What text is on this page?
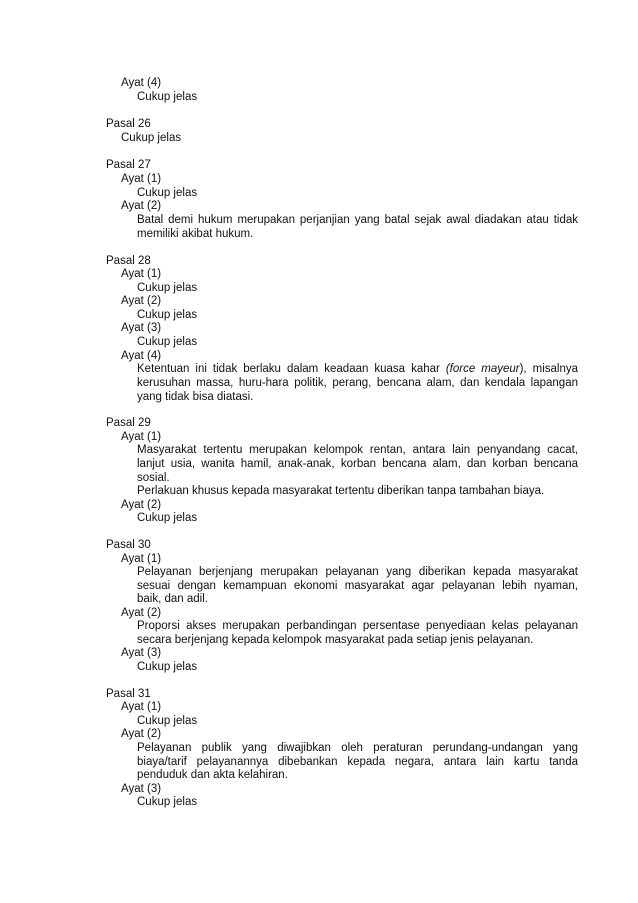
Ayat (4)
Cukup jelas
Pasal 26
Cukup jelas
Pasal 27
Ayat (1)
Cukup jelas
Ayat (2)
Batal demi hukum merupakan perjanjian yang batal sejak awal diadakan atau tidak
memiliki akibat hukum.
Pasal 28
Ayat (1)
Cukup jelas
Ayat (2)
Cukup jelas
Ayat (3)
Cukup jelas
Ayat (4)
Ketentuan ini tidak berlaku dalam keadaan kuasa kahar (force mayeur), misalnya
kerusuhan massa, huru-hara politik, perang, bencana alam, dan kendala lapangan
yang tidak bisa diatasi.
Pasal 29
Ayat (1)
Masyarakat tertentu merupakan kelompok rentan, antara lain penyandang cacat,
lanjut usia, wanita hamil, anak-anak, korban bencana alam, dan korban bencana
sosial.
Perlakuan khusus kepada masyarakat tertentu diberikan tanpa tambahan biaya.
Ayat (2)
Cukup jelas
Pasal 30
Ayat (1)
Pelayanan berjenjang merupakan pelayanan yang diberikan kepada masyarakat
sesuai dengan kemampuan ekonomi masyarakat agar pelayanan lebih nyaman,
baik, dan adil.
Ayat (2)
Proporsi akses merupakan perbandingan persentase penyediaan kelas pelayanan
secara berjenjang kepada kelompok masyarakat pada setiap jenis pelayanan.
Ayat (3)
Cukup jelas
Pasal 31
Ayat (1)
Cukup jelas
Ayat (2)
Pelayanan publik yang diwajibkan oleh peraturan perundang-undangan yang
biaya/tarif pelayanannya dibebankan kepada negara, antara lain kartu tanda
penduduk dan akta kelahiran.
Ayat (3)
Cukup jelas
